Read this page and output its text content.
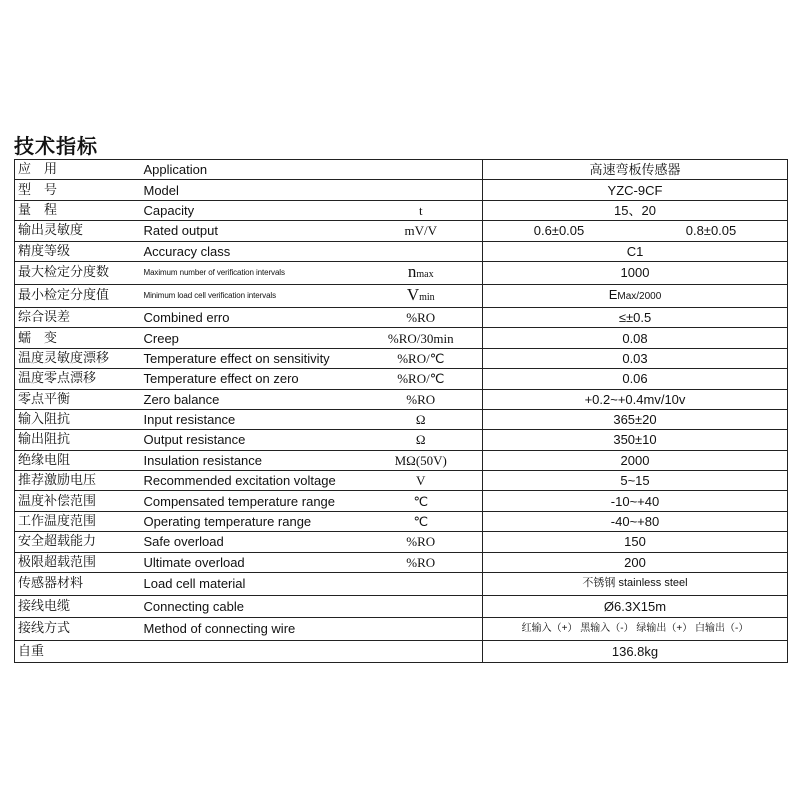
技术指标
应　用	Application		高速弯板传感器
型　号	Model		YZC-9CF
量　程	Capacity	t	15、20
输出灵敏度	Rated output	mV/V	0.6±0.05 0.8±0.05

精度等级	Accuracy class		C1
最大检定分度数	Maximum number of verification intervals	nmax	1000
最小检定分度值	Minimum load cell verification intervals	Vmin	EMax/2000
综合误差	Combined erro	%RO	≤±0.5
蠕　变	Creep	%RO/30min	0.08
温度灵敏度漂移	Temperature effect on sensitivity	%RO/℃	0.03
温度零点漂移	Temperature effect on zero	%RO/℃	0.06
零点平衡	Zero balance	%RO	+0.2~+0.4mv/10v
输入阻抗	Input resistance	Ω	365±20
输出阻抗	Output resistance	Ω	350±10
绝缘电阻	Insulation resistance	MΩ(50V)	2000
推荐激励电压	Recommended excitation voltage	V	5~15
温度补偿范围	Compensated temperature range	℃	-10~+40
工作温度范围	Operating temperature range	℃	-40~+80
安全超载能力	Safe overload	%RO	150
极限超载范围	Ultimate overload	%RO	200
传感器材料	Load cell material		不锈钢 stainless steel
接线电缆	Connecting cable		Ø6.3X15m
接线方式	Method of connecting wire		红输入（+） 黑输入（-） 绿输出（+） 白输出（-）
自重			136.8kg
